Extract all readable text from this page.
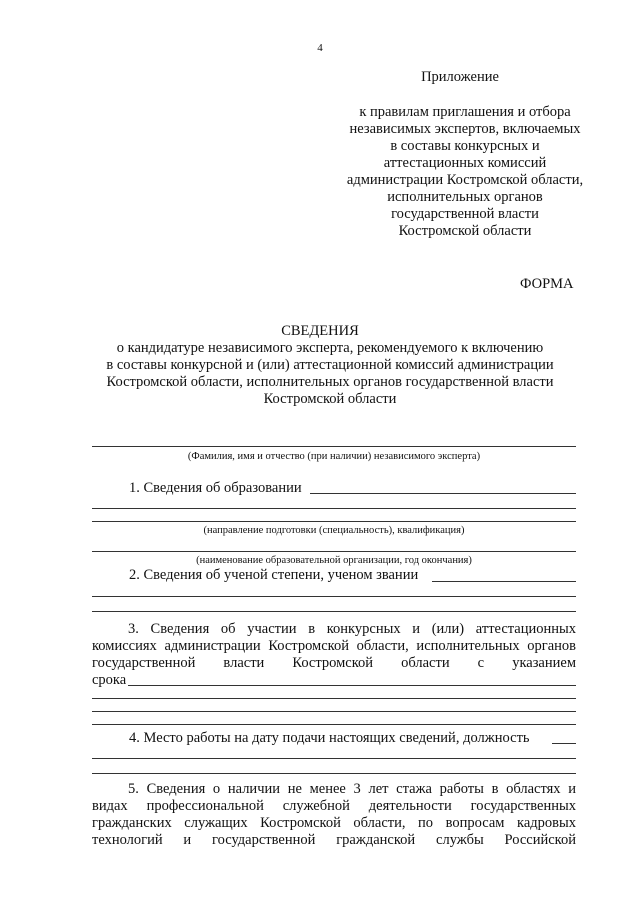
4
Приложение
к правилам приглашения и отбора
независимых экспертов, включаемых
в составы конкурсных и
аттестационных комиссий
администрации Костромской области,
исполнительных органов
государственной власти
Костромской области
ФОРМА
СВЕДЕНИЯ
о кандидатуре независимого эксперта, рекомендуемого к включению
в составы конкурсной и (или) аттестационной комиссий администрации
Костромской области, исполнительных органов государственной власти
Костромской области
(Фамилия, имя и отчество (при наличии) независимого эксперта)
1. Сведения об образовании
(направление подготовки (специальность), квалификация)
(наименование образовательной организации, год окончания)
2. Сведения об ученой степени, ученом звании
3. Сведения об участии в конкурсных и (или) аттестационных
комиссиях администрации Костромской области, исполнительных органов
государственной власти Костромской области с указанием
срока
4. Место работы на дату подачи настоящих сведений, должность
5. Сведения о наличии не менее 3 лет стажа работы в областях и
видах профессиональной служебной деятельности государственных
гражданских служащих Костромской области, по вопросам кадровых
технологий и государственной гражданской службы Российской
